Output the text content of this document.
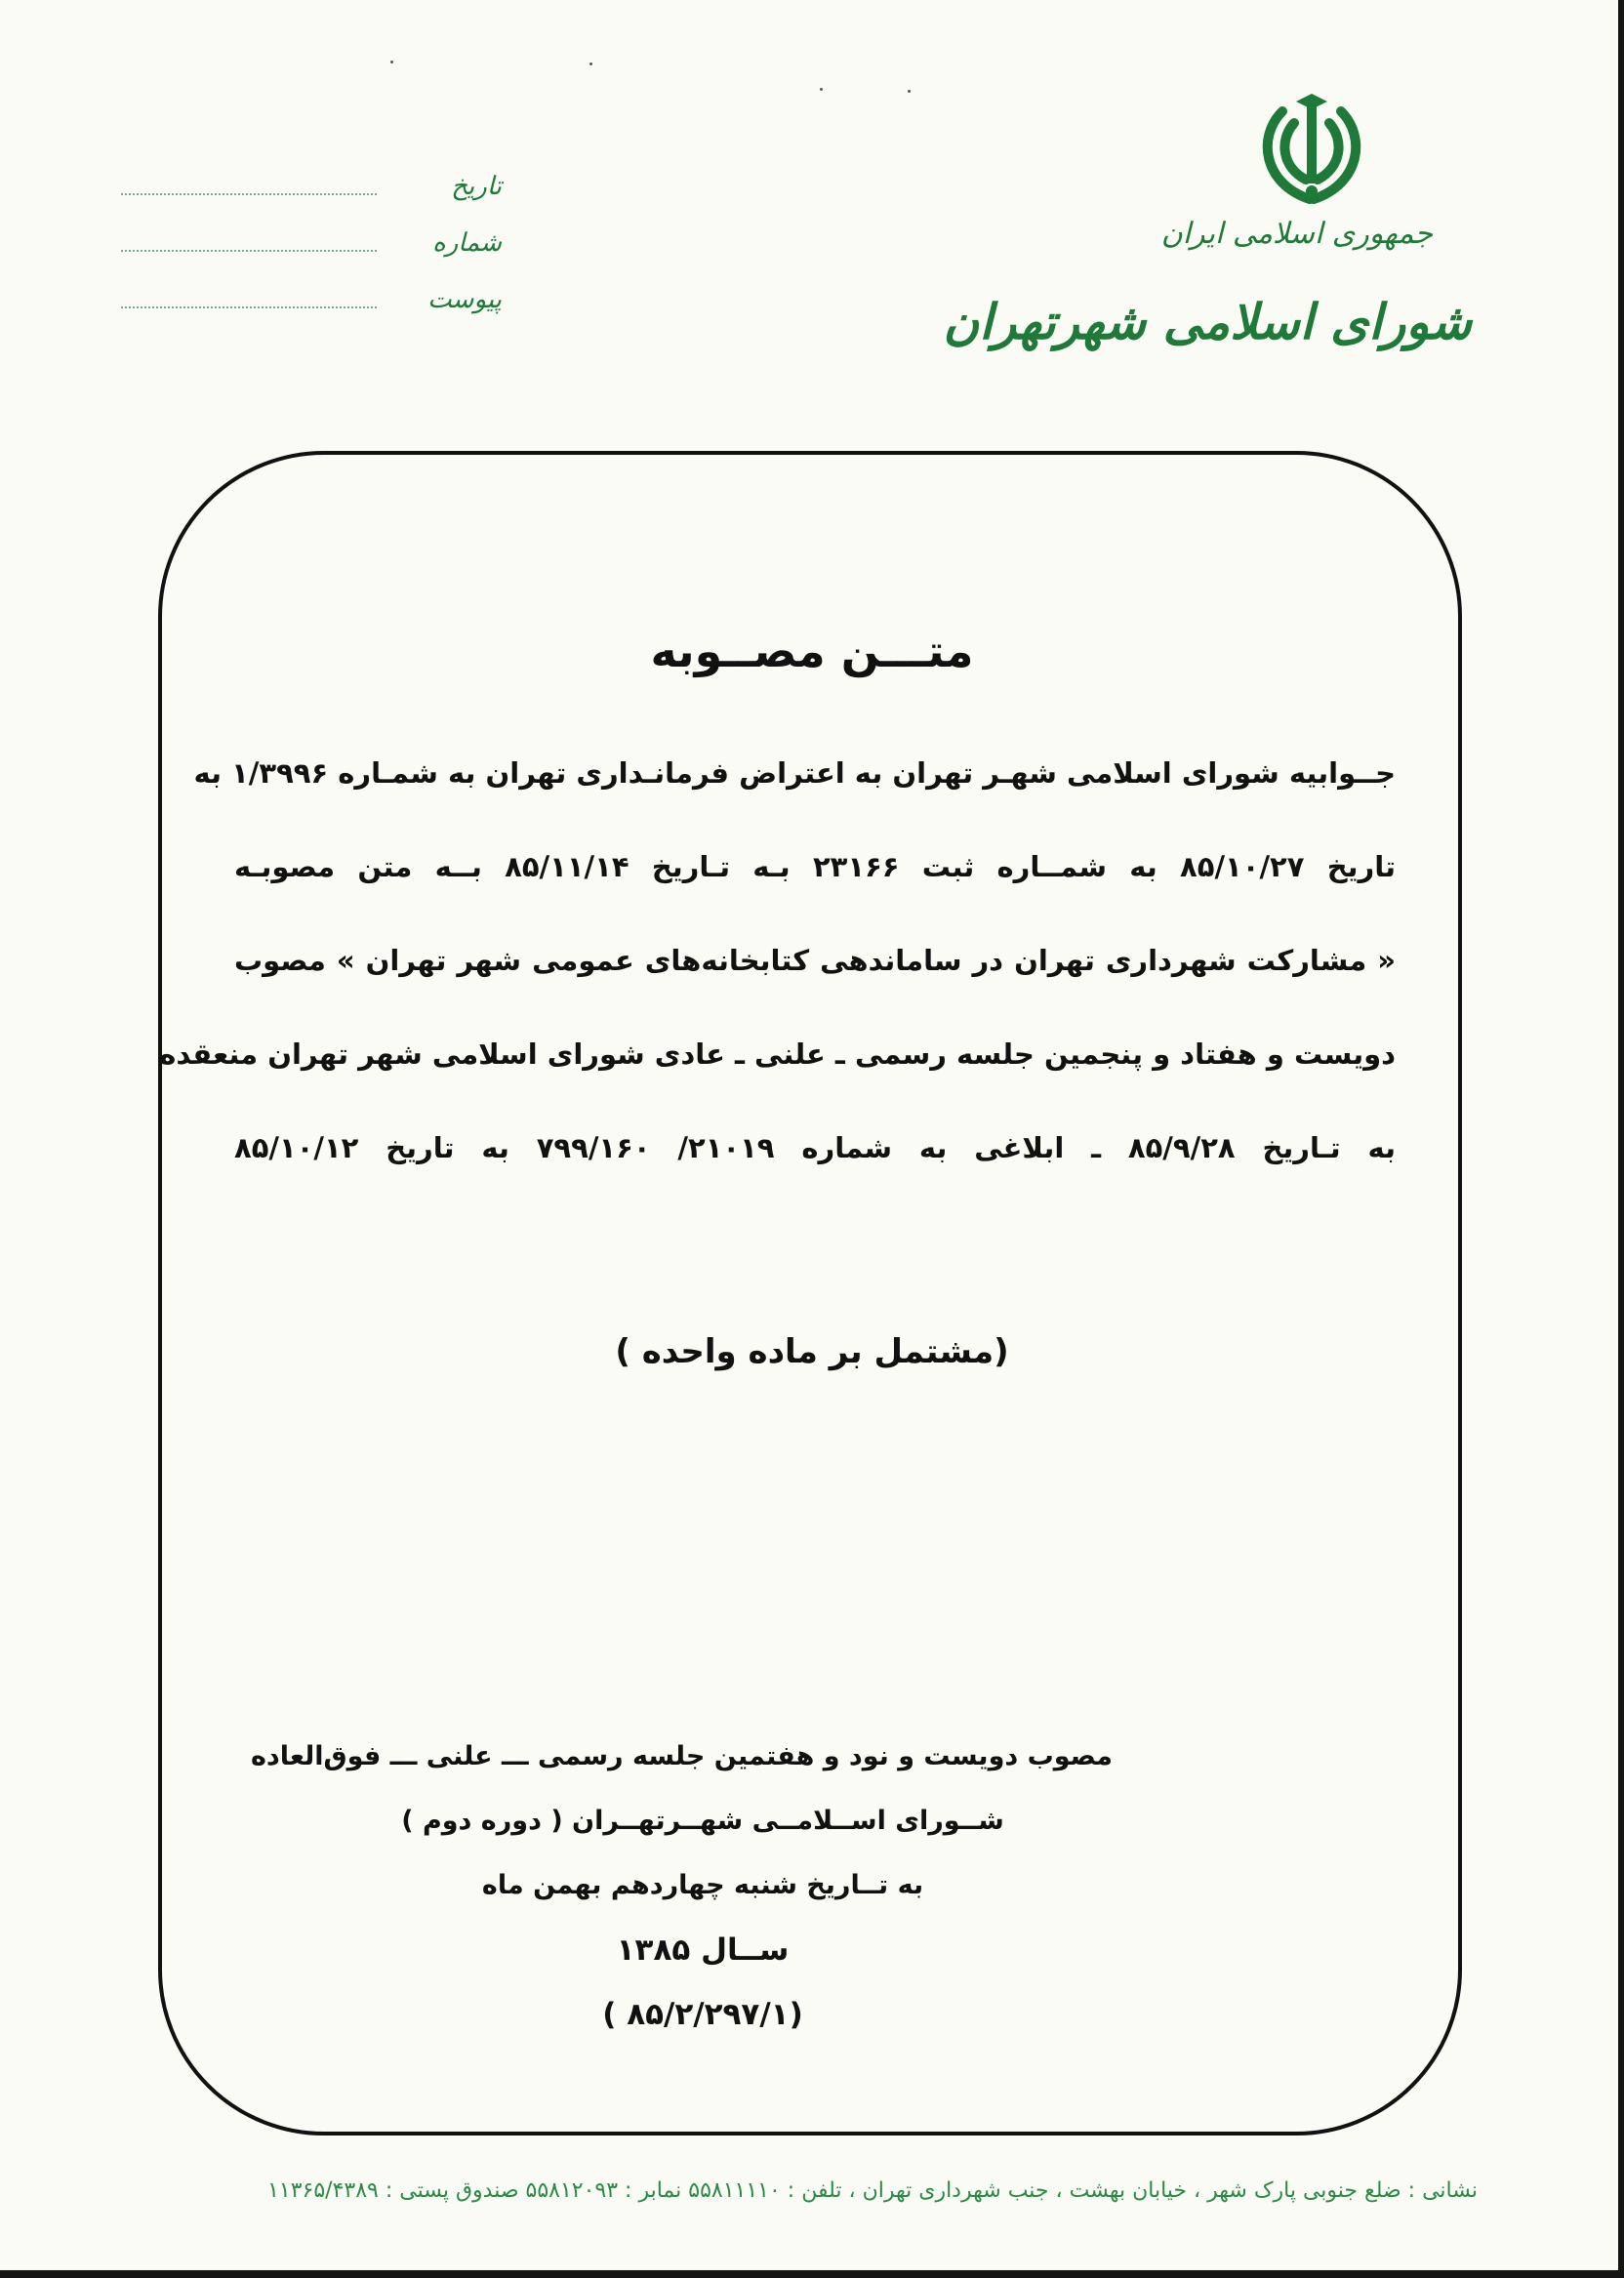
جمهوری اسلامی ایران
شورای اسلامی شهرتهران
تاریخ
شماره
پیوست
متـــن مصــوبه
جــوابیه شورای اسلامی شهـر تهران به اعتراض فرمانـداری تهران به شمـاره ۱/۳۹۹۶ به
تاریخ ۸۵/۱۰/۲۷ به شمــاره ثبت ۲۳۱۶۶ بـه تـاریخ ۸۵/۱۱/۱۴ بــه متن مصوبـه
« مشارکت شهرداری تهران در ساماندهی کتابخانه‌های عمومی شهر تهران » مصوب
دویست و هفتاد و پنجمین جلسه رسمی ـ علنی ـ عادی شورای اسلامی شهر تهران منعقده
به تـاریخ ۸۵/۹/۲۸ ـ ابلاغی به شماره ۲۱۰۱۹/ ۷۹۹/۱۶۰ به تاریخ ۸۵/۱۰/۱۲
(مشتمل بر ماده واحده )
مصوب دویست و نود و هفتمین جلسه رسمی ـــ علنی ـــ فوق‌العاده
شــورای اســلامــی شهــرتهــران ( دوره دوم )
به تــاریخ شنبه چهاردهم بهمن ماه
ســال ۱۳۸۵
(۸۵/۲/۲۹۷/۱ )
نشانی : ضلع جنوبی پارک شهر ، خیابان بهشت ، جنب شهرداری تهران ، تلفن : ۵۵۸۱۱۱۱۰ نمابر : ۵۵۸۱۲۰۹۳ صندوق پستی : ۱۱۳۶۵/۴۳۸۹
